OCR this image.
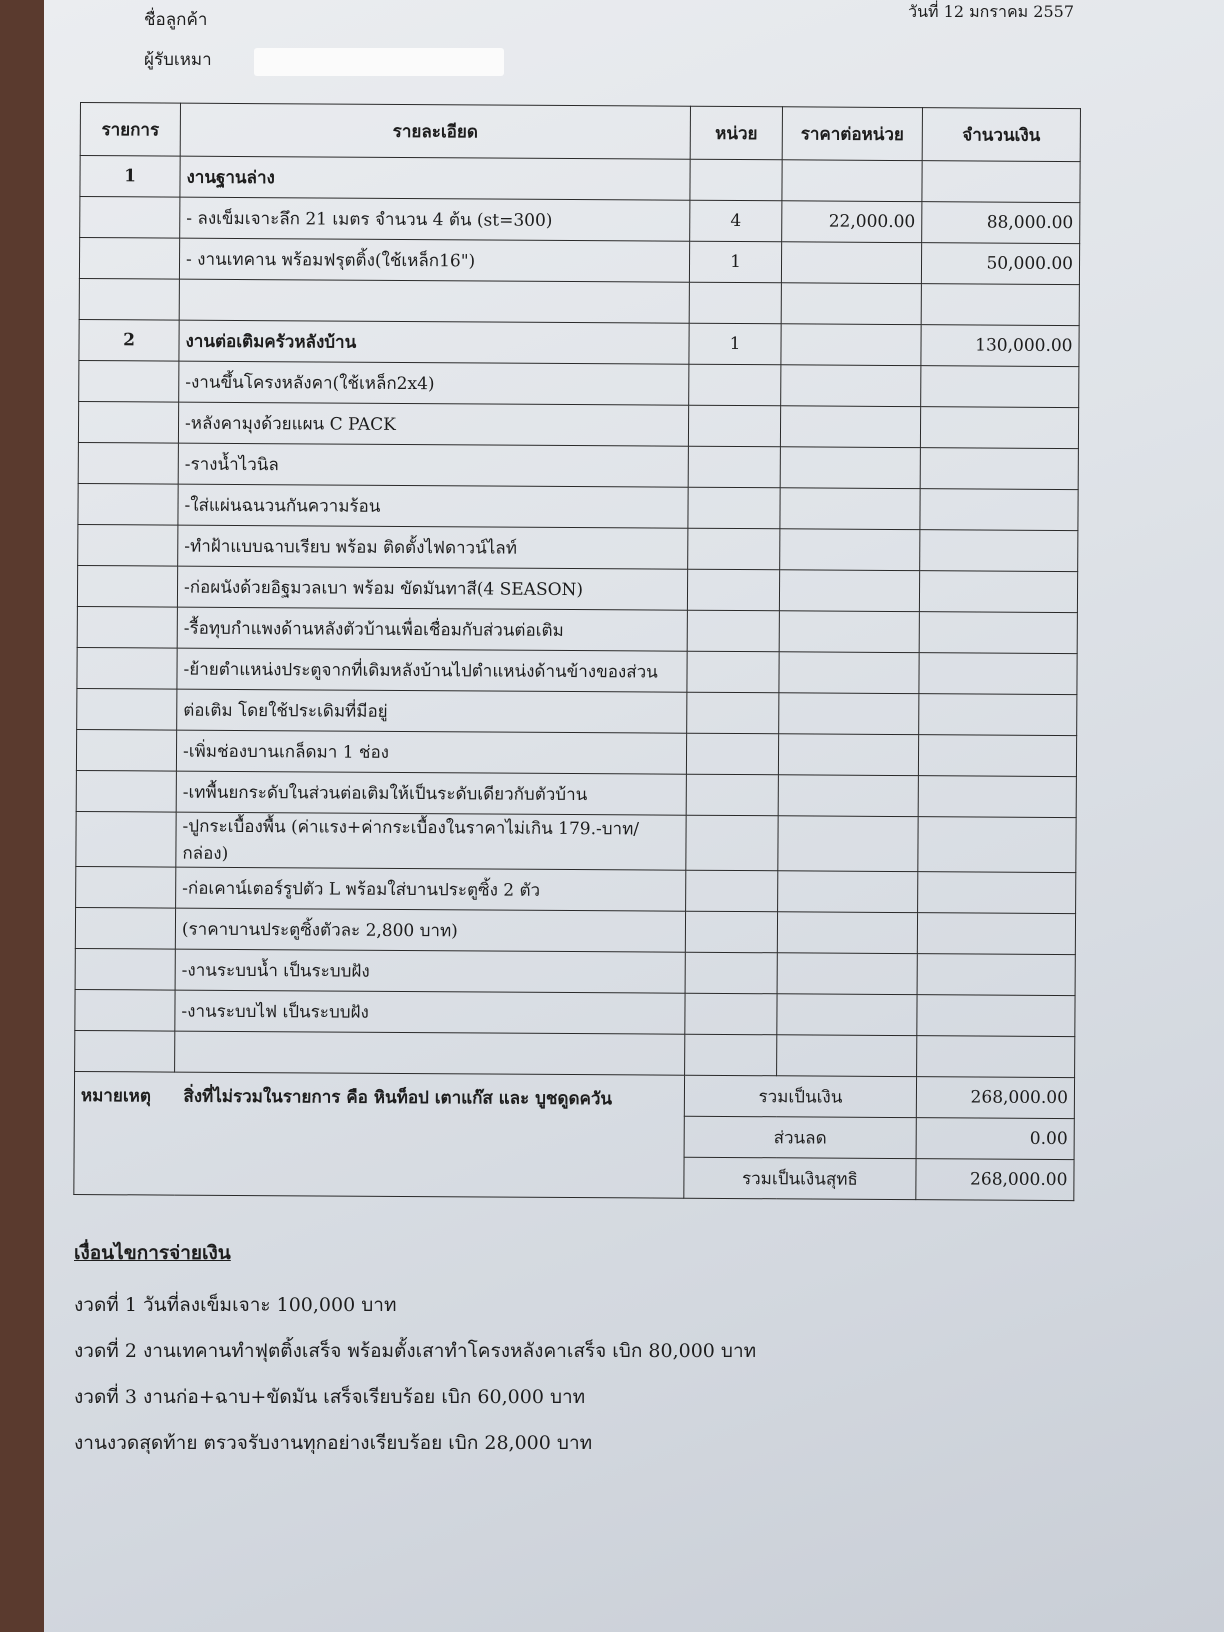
ชื่อลูกค้า
ผู้รับเหมา
วันที่ 12 มกราคม 2557
รายการ	รายละเอียด	หน่วย	ราคาต่อหน่วย	จำนวนเงิน
1	งานฐานล่าง			
	- ลงเข็มเจาะลึก 21 เมตร จำนวน 4 ต้น (st=300)	4	22,000.00	88,000.00
	- งานเทคาน พร้อมฟรุตติ้ง(ใช้เหล็ก16")	1		50,000.00

2	งานต่อเติมครัวหลังบ้าน	1		130,000.00
	-งานขึ้นโครงหลังคา(ใช้เหล็ก2x4)			
	-หลังคามุงด้วยแผน C PACK			
	-รางน้ำไวนิล			
	-ใส่แผ่นฉนวนกันความร้อน			
	-ทำฝ้าแบบฉาบเรียบ พร้อม ติดตั้งไฟดาวน์ไลท์			
	-ก่อผนังด้วยอิฐมวลเบา พร้อม ขัดมันทาสี(4 SEASON)			
	-รื้อทุบกำแพงด้านหลังตัวบ้านเพื่อเชื่อมกับส่วนต่อเติม			
	-ย้ายตำแหน่งประตูจากที่เดิมหลังบ้านไปตำแหน่งด้านข้างของส่วน			
	ต่อเติม โดยใช้ประเดิมที่มีอยู่			
	-เพิ่มช่องบานเกล็ดมา 1 ช่อง			
	-เทพื้นยกระดับในส่วนต่อเติมให้เป็นระดับเดียวกับตัวบ้าน			
	-ปูกระเบื้องพื้น (ค่าแรง+ค่ากระเบื้องในราคาไม่เกิน 179.-บาท/กล่อง)			
	-ก่อเคาน์เตอร์รูปตัว L พร้อมใส่บานประตูซิ้ง 2 ตัว			
	(ราคาบานประตูซิ้งตัวละ 2,800 บาท)			
	-งานระบบน้ำ เป็นระบบฝัง			
	-งานระบบไฟ เป็นระบบฝัง			

หมายเหตุ สิ่งที่ไม่รวมในรายการ คือ หินท็อป เตาแก๊ส และ บูชดูดควัน		รวมเป็นเงิน		268,000.00
		ส่วนลด		0.00
		รวมเป็นเงินสุทธิ		268,000.00
เงื่อนไขการจ่ายเงิน
งวดที่ 1 วันที่ลงเข็มเจาะ 100,000 บาท
งวดที่ 2 งานเทคานทำฟุตติ้งเสร็จ พร้อมตั้งเสาทำโครงหลังคาเสร็จ เบิก 80,000 บาท
งวดที่ 3 งานก่อ+ฉาบ+ขัดมัน เสร็จเรียบร้อย เบิก 60,000 บาท
งานงวดสุดท้าย ตรวจรับงานทุกอย่างเรียบร้อย เบิก 28,000 บาท
